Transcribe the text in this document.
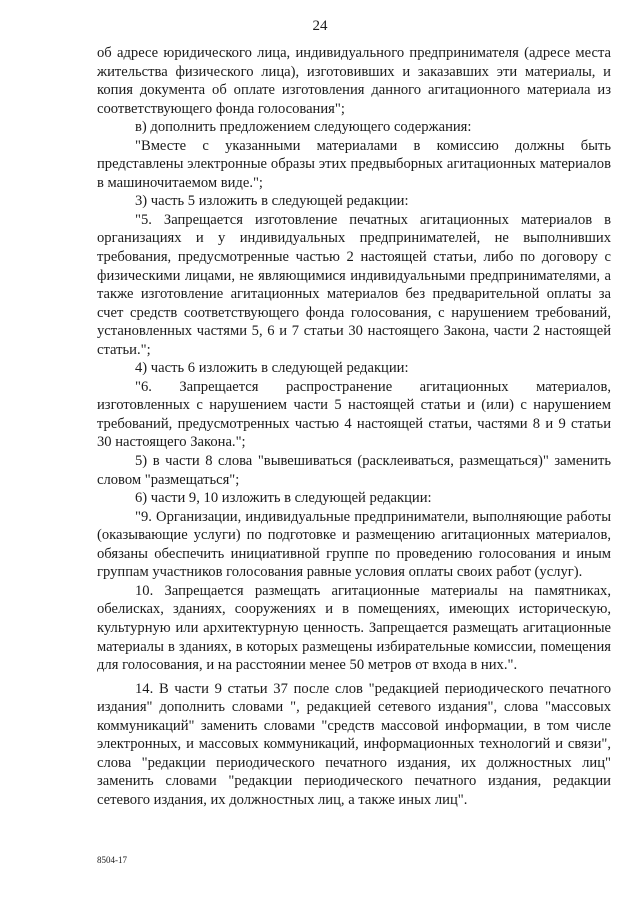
24

об адресе юридического лица, индивидуального предпринимателя (адресе места жительства физического лица), изготовивших и заказавших эти материалы, и копия документа об оплате изготовления данного агитационного материала из соответствующего фонда голосования";

в) дополнить предложением следующего содержания:

"Вместе с указанными материалами в комиссию должны быть представлены электронные образы этих предвыборных агитационных материалов в машиночитаемом виде.";

3) часть 5 изложить в следующей редакции:

"5. Запрещается изготовление печатных агитационных материалов в организациях и у индивидуальных предпринимателей, не выполнивших требования, предусмотренные частью 2 настоящей статьи, либо по договору с физическими лицами, не являющимися индивидуальными предпринимателями, а также изготовление агитационных материалов без предварительной оплаты за счет средств соответствующего фонда голосования, с нарушением требований, установленных частями 5, 6 и 7 статьи 30 настоящего Закона, части 2 настоящей статьи.";

4) часть 6 изложить в следующей редакции:

"6. Запрещается распространение агитационных материалов, изготовленных с нарушением части 5 настоящей статьи и (или) с нарушением требований, предусмотренных частью 4 настоящей статьи, частями 8 и 9 статьи 30 настоящего Закона.";

5) в части 8 слова "вывешиваться (расклеиваться, размещаться)" заменить словом "размещаться";

6) части 9, 10 изложить в следующей редакции:

"9. Организации, индивидуальные предприниматели, выполняющие работы (оказывающие услуги) по подготовке и размещению агитационных материалов, обязаны обеспечить инициативной группе по проведению голосования и иным группам участников голосования равные условия оплаты своих работ (услуг).

10. Запрещается размещать агитационные материалы на памятниках, обелисках, зданиях, сооружениях и в помещениях, имеющих историческую, культурную или архитектурную ценность. Запрещается размещать агитационные материалы в зданиях, в которых размещены избирательные комиссии, помещения для голосования, и на расстоянии менее 50 метров от входа в них.".

14. В части 9 статьи 37 после слов "редакцией периодического печатного издания" дополнить словами ", редакцией сетевого издания", слова "массовых коммуникаций" заменить словами "средств массовой информации, в том числе электронных, и массовых коммуникаций, информационных технологий и связи", слова "редакции периодического печатного издания, их должностных лиц" заменить словами "редакции периодического печатного издания, редакции сетевого издания, их должностных лиц, а также иных лиц".

8504-17
